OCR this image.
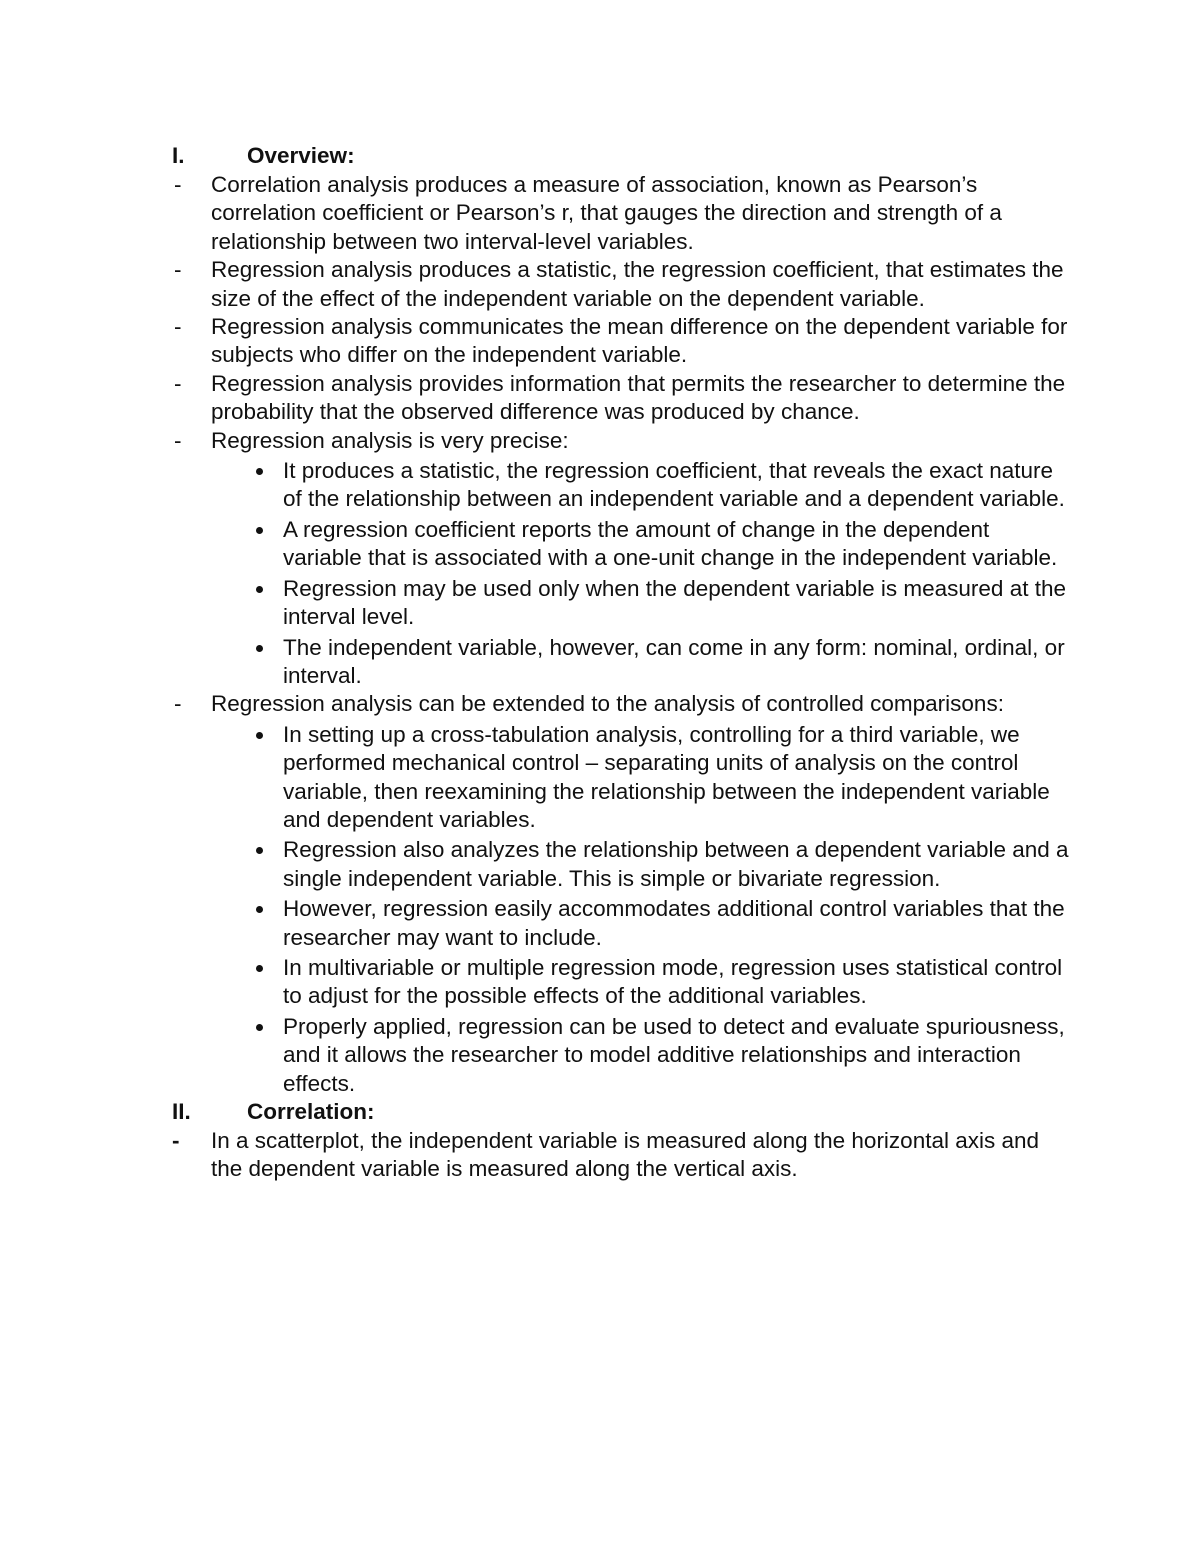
I.	Overview:
- Correlation analysis produces a measure of association, known as Pearson’s correlation coefficient or Pearson’s r, that gauges the direction and strength of a relationship between two interval-level variables.
- Regression analysis produces a statistic, the regression coefficient, that estimates the size of the effect of the independent variable on the dependent variable.
- Regression analysis communicates the mean difference on the dependent variable for subjects who differ on the independent variable.
- Regression analysis provides information that permits the researcher to determine the probability that the observed difference was produced by chance.
- Regression analysis is very precise:
It produces a statistic, the regression coefficient, that reveals the exact nature of the relationship between an independent variable and a dependent variable.
A regression coefficient reports the amount of change in the dependent variable that is associated with a one-unit change in the independent variable.
Regression may be used only when the dependent variable is measured at the interval level.
The independent variable, however, can come in any form: nominal, ordinal, or interval.
- Regression analysis can be extended to the analysis of controlled comparisons:
In setting up a cross-tabulation analysis, controlling for a third variable, we performed mechanical control – separating units of analysis on the control variable, then reexamining the relationship between the independent variable and dependent variables.
Regression also analyzes the relationship between a dependent variable and a single independent variable. This is simple or bivariate regression.
However, regression easily accommodates additional control variables that the researcher may want to include.
In multivariable or multiple regression mode, regression uses statistical control to adjust for the possible effects of the additional variables.
Properly applied, regression can be used to detect and evaluate spuriousness, and it allows the researcher to model additive relationships and interaction effects.
II.	Correlation:
- In a scatterplot, the independent variable is measured along the horizontal axis and the dependent variable is measured along the vertical axis.
